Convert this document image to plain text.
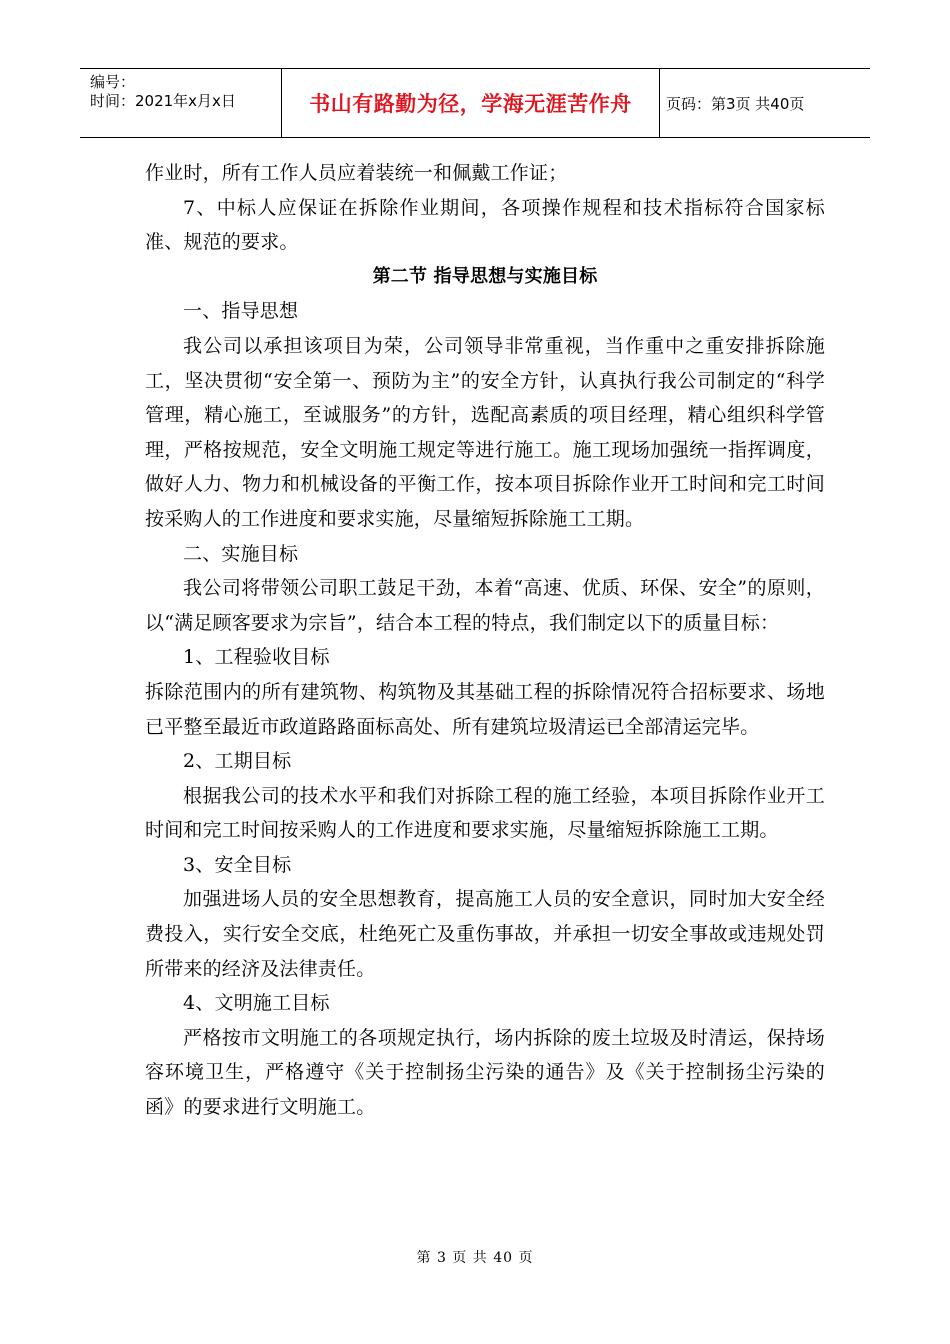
编号：
时间：2021年x月x日	书山有路勤为径，学海无涯苦作舟 页码：第3页 共40页

作业时，所有工作人员应着装统一和佩戴工作证；

7、中标人应保证在拆除作业期间，各项操作规程和技术指标符合国家标准、规范的要求。

第二节 指导思想与实施目标

一、指导思想

我公司以承担该项目为荣，公司领导非常重视，当作重中之重安排拆除施工，坚决贯彻“安全第一、预防为主”的安全方针，认真执行我公司制定的“科学管理，精心施工，至诚服务”的方针，选配高素质的项目经理，精心组织科学管理，严格按规范，安全文明施工规定等进行施工。施工现场加强统一指挥调度，做好人力、物力和机械设备的平衡工作，按本项目拆除作业开工时间和完工时间按采购人的工作进度和要求实施，尽量缩短拆除施工工期。

二、实施目标

我公司将带领公司职工鼓足干劲，本着“高速、优质、环保、安全”的原则，以“满足顾客要求为宗旨”，结合本工程的特点，我们制定以下的质量目标：

1、工程验收目标

拆除范围内的所有建筑物、构筑物及其基础工程的拆除情况符合招标要求、场地已平整至最近市政道路路面标高处、所有建筑垃圾清运已全部清运完毕。

2、工期目标

根据我公司的技术水平和我们对拆除工程的施工经验，本项目拆除作业开工时间和完工时间按采购人的工作进度和要求实施，尽量缩短拆除施工工期。

3、安全目标

加强进场人员的安全思想教育，提高施工人员的安全意识，同时加大安全经费投入，实行安全交底，杜绝死亡及重伤事故，并承担一切安全事故或违规处罚所带来的经济及法律责任。

4、文明施工目标

严格按市文明施工的各项规定执行，场内拆除的废土垃圾及时清运，保持场容环境卫生，严格遵守《关于控制扬尘污染的通告》及《关于控制扬尘污染的函》的要求进行文明施工。

第 3 页 共 40 页
